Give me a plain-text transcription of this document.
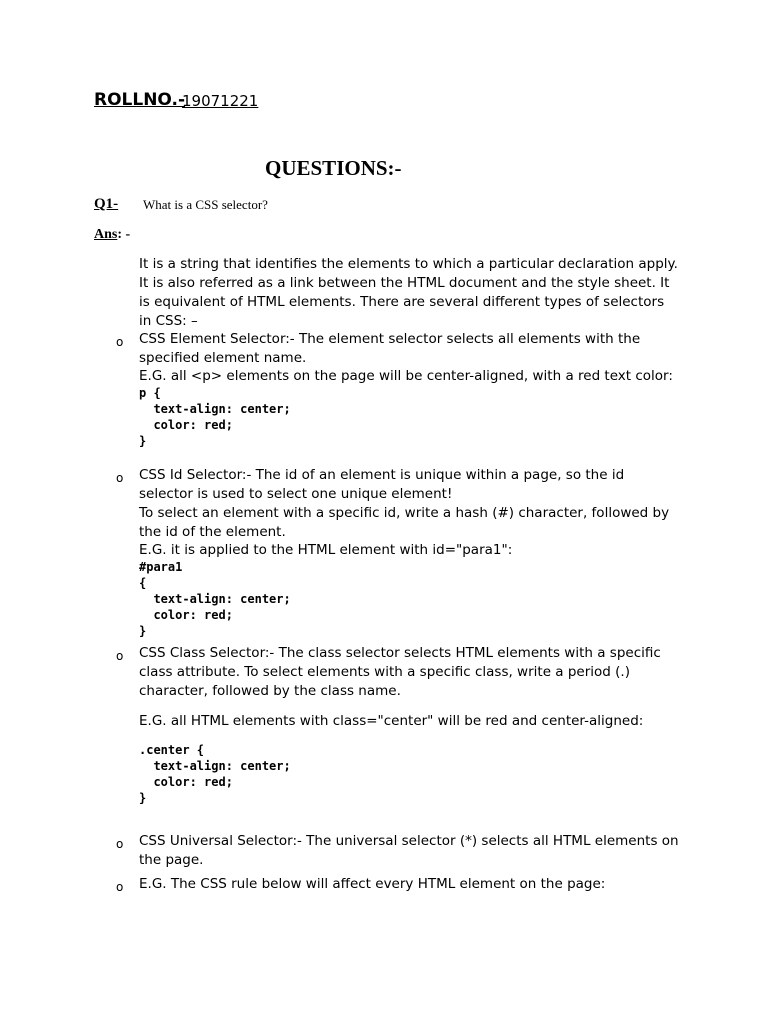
ROLLNO.-
19071221
QUESTIONS:-
Q1- What is a CSS selector?
Ans: -

It is a string that identifies the elements to which a particular declaration apply. It is also referred as a link between the HTML document and the style sheet. It is equivalent of HTML elements. There are several different types of selectors in CSS: –

o CSS Element Selector:- The element selector selects all elements with the specified element name.
E.G. all <p> elements on the page will be center-aligned, with a red text color:
p {
text-align: center;
color: red;
}
o CSS Id Selector:- The id of an element is unique within a page, so the id selector is used to select one unique element!
To select an element with a specific id, write a hash (#) character, followed by the id of the element.
E.G. it is applied to the HTML element with id="para1":
#para1
{
text-align: center;
color: red;
}
o CSS Class Selector:- The class selector selects HTML elements with a specific class attribute. To select elements with a specific class, write a period (.) character, followed by the class name.
E.G. all HTML elements with class="center" will be red and center-aligned:
.center {
text-align: center;
color: red;
}
o CSS Universal Selector:- The universal selector (*) selects all HTML elements on the page.
o E.G. The CSS rule below will affect every HTML element on the page:
